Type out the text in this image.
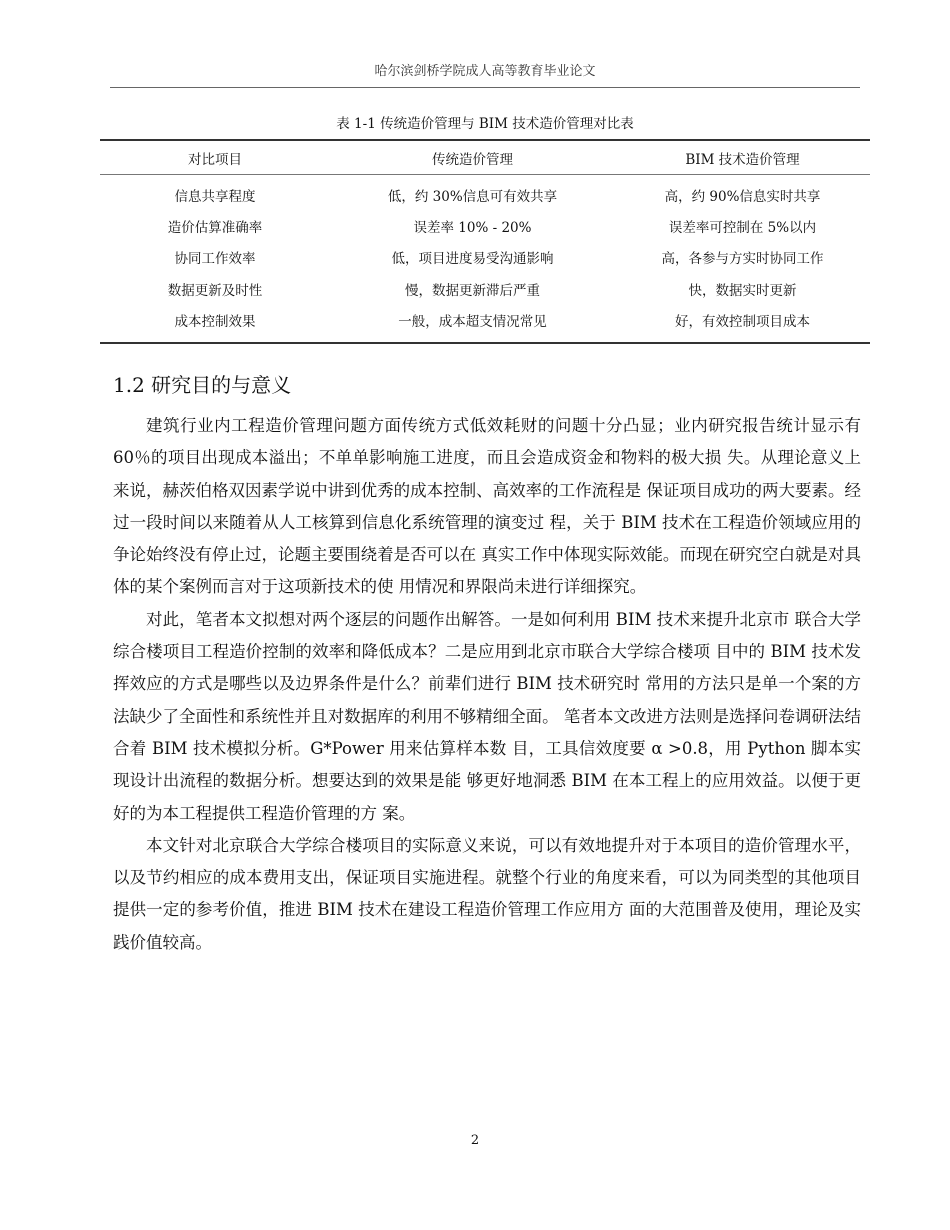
哈尔滨剑桥学院成人高等教育毕业论文
表 1-1 传统造价管理与 BIM 技术造价管理对比表
对比项目	传统造价管理	BIM 技术造价管理
信息共享程度	低，约 30%信息可有效共享	高，约 90%信息实时共享
造价估算准确率	误差率 10% - 20%	误差率可控制在 5%以内
协同工作效率	低，项目进度易受沟通影响	高，各参与方实时协同工作
数据更新及时性	慢，数据更新滞后严重	快，数据实时更新
成本控制效果	一般，成本超支情况常见	好，有效控制项目成本
1.2 研究目的与意义

建筑行业内工程造价管理问题方面传统方式低效耗财的问题十分凸显；业内研究报告统计显示有 60％的项目出现成本溢出；不单单影响施工进度，而且会造成资金和物料的极大损 失。从理论意义上来说，赫茨伯格双因素学说中讲到优秀的成本控制、高效率的工作流程是 保证项目成功的两大要素。经过一段时间以来随着从人工核算到信息化系统管理的演变过 程，关于 BIM 技术在工程造价领域应用的争论始终没有停止过，论题主要围绕着是否可以在 真实工作中体现实际效能。而现在研究空白就是对具体的某个案例而言对于这项新技术的使 用情况和界限尚未进行详细探究。

对此，笔者本文拟想对两个逐层的问题作出解答。一是如何利用 BIM 技术来提升北京市 联合大学综合楼项目工程造价控制的效率和降低成本？二是应用到北京市联合大学综合楼项 目中的 BIM 技术发挥效应的方式是哪些以及边界条件是什么？前辈们进行 BIM 技术研究时 常用的方法只是单一个案的方法缺少了全面性和系统性并且对数据库的利用不够精细全面。 笔者本文改进方法则是选择问卷调研法结合着 BIM 技术模拟分析。G*Power 用来估算样本数 目，工具信效度要 α >0.8，用 Python 脚本实现设计出流程的数据分析。想要达到的效果是能 够更好地洞悉 BIM 在本工程上的应用效益。以便于更好的为本工程提供工程造价管理的方 案。

本文针对北京联合大学综合楼项目的实际意义来说，可以有效地提升对于本项目的造价管理水平，以及节约相应的成本费用支出，保证项目实施进程。就整个行业的角度来看，可以为同类型的其他项目提供一定的参考价值，推进 BIM 技术在建设工程造价管理工作应用方 面的大范围普及使用，理论及实践价值较高。

2
